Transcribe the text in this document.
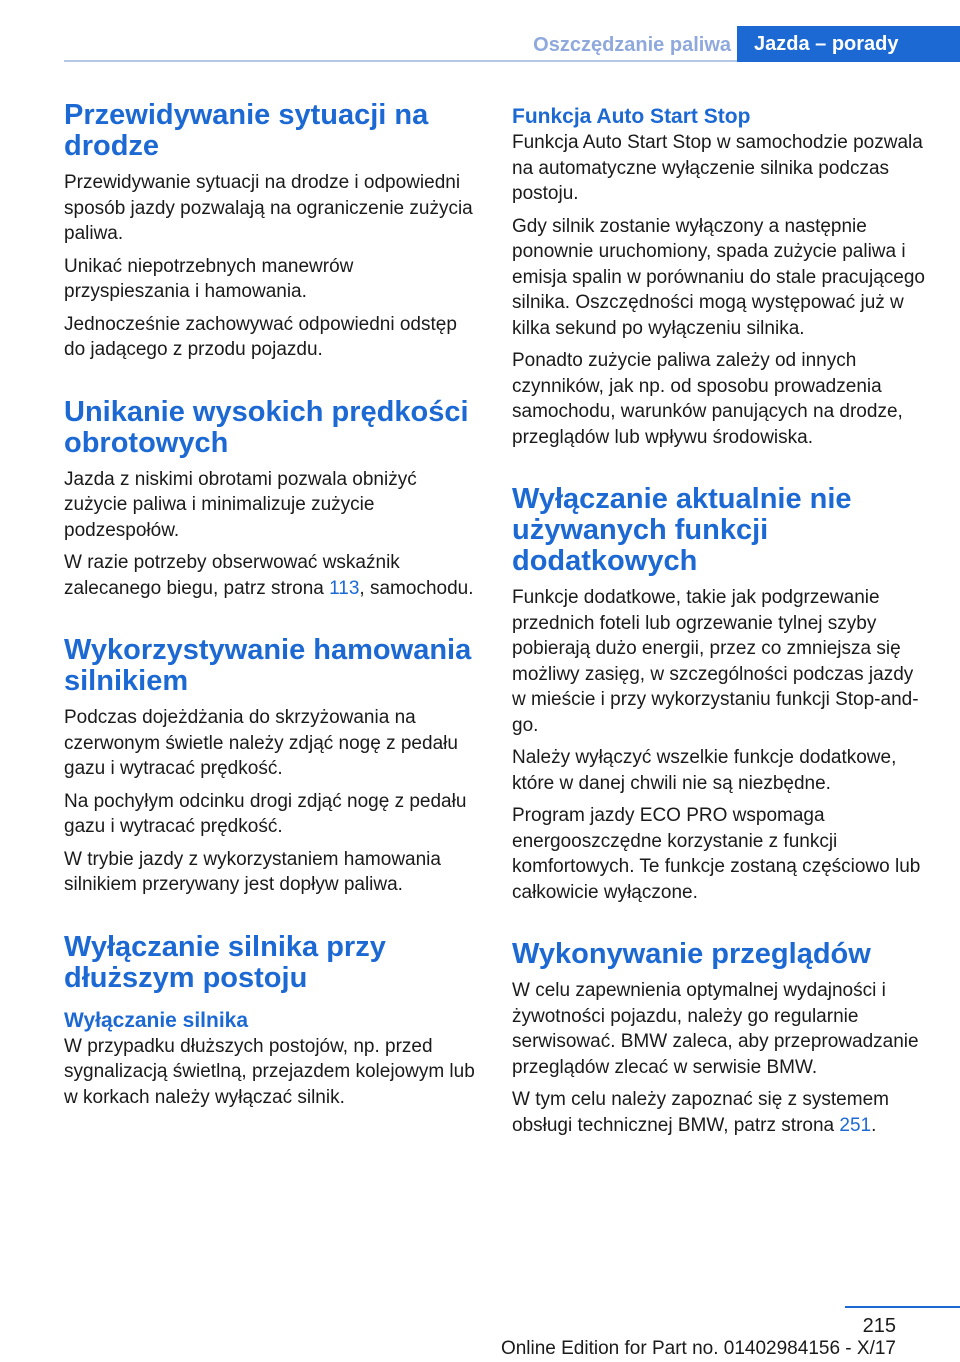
Oszczędzanie paliwa	Jazda – porady
Przewidywanie sytuacji na drodze

Przewidywanie sytuacji na drodze i odpowiedni sposób jazdy pozwalają na ograniczenie zużycia paliwa.

Unikać niepotrzebnych manewrów przyspieszania i hamowania.

Jednocześnie zachowywać odpowiedni odstęp do jadącego z przodu pojazdu.

Unikanie wysokich prędkości obrotowych

Jazda z niskimi obrotami pozwala obniżyć zużycie paliwa i minimalizuje zużycie podzespołów.

W razie potrzeby obserwować wskaźnik zalecanego biegu, patrz strona 113, samochodu.

Wykorzystywanie hamowania silnikiem

Podczas dojeżdżania do skrzyżowania na czerwonym świetle należy zdjąć nogę z pedału gazu i wytracać prędkość.

Na pochyłym odcinku drogi zdjąć nogę z pedału gazu i wytracać prędkość.

W trybie jazdy z wykorzystaniem hamowania silnikiem przerywany jest dopływ paliwa.

Wyłączanie silnika przy dłuższym postoju
Wyłączanie silnika

W przypadku dłuższych postojów, np. przed sygnalizacją świetlną, przejazdem kolejowym lub w korkach należy wyłączać silnik.

Funkcja Auto Start Stop

Funkcja Auto Start Stop w samochodzie pozwala na automatyczne wyłączenie silnika podczas postoju.

Gdy silnik zostanie wyłączony a następnie ponownie uruchomiony, spada zużycie paliwa i emisja spalin w porównaniu do stale pracującego silnika. Oszczędności mogą występować już w kilka sekund po wyłączeniu silnika.

Ponadto zużycie paliwa zależy od innych czynników, jak np. od sposobu prowadzenia samochodu, warunków panujących na drodze, przeglądów lub wpływu środowiska.

Wyłączanie aktualnie nie używanych funkcji dodatkowych

Funkcje dodatkowe, takie jak podgrzewanie przednich foteli lub ogrzewanie tylnej szyby pobierają dużo energii, przez co zmniejsza się możliwy zasięg, w szczególności podczas jazdy w mieście i przy wykorzystaniu funkcji Stop-and-go.

Należy wyłączyć wszelkie funkcje dodatkowe, które w danej chwili nie są niezbędne.

Program jazdy ECO PRO wspomaga energooszczędne korzystanie z funkcji komfortowych. Te funkcje zostaną częściowo lub całkowicie wyłączone.

Wykonywanie przeglądów

W celu zapewnienia optymalnej wydajności i żywotności pojazdu, należy go regularnie serwisować. BMW zaleca, aby przeprowadzanie przeglądów zlecać w serwisie BMW.

W tym celu należy zapoznać się z systemem obsługi technicznej BMW, patrz strona 251.

215
Online Edition for Part no. 01402984156 - X/17
